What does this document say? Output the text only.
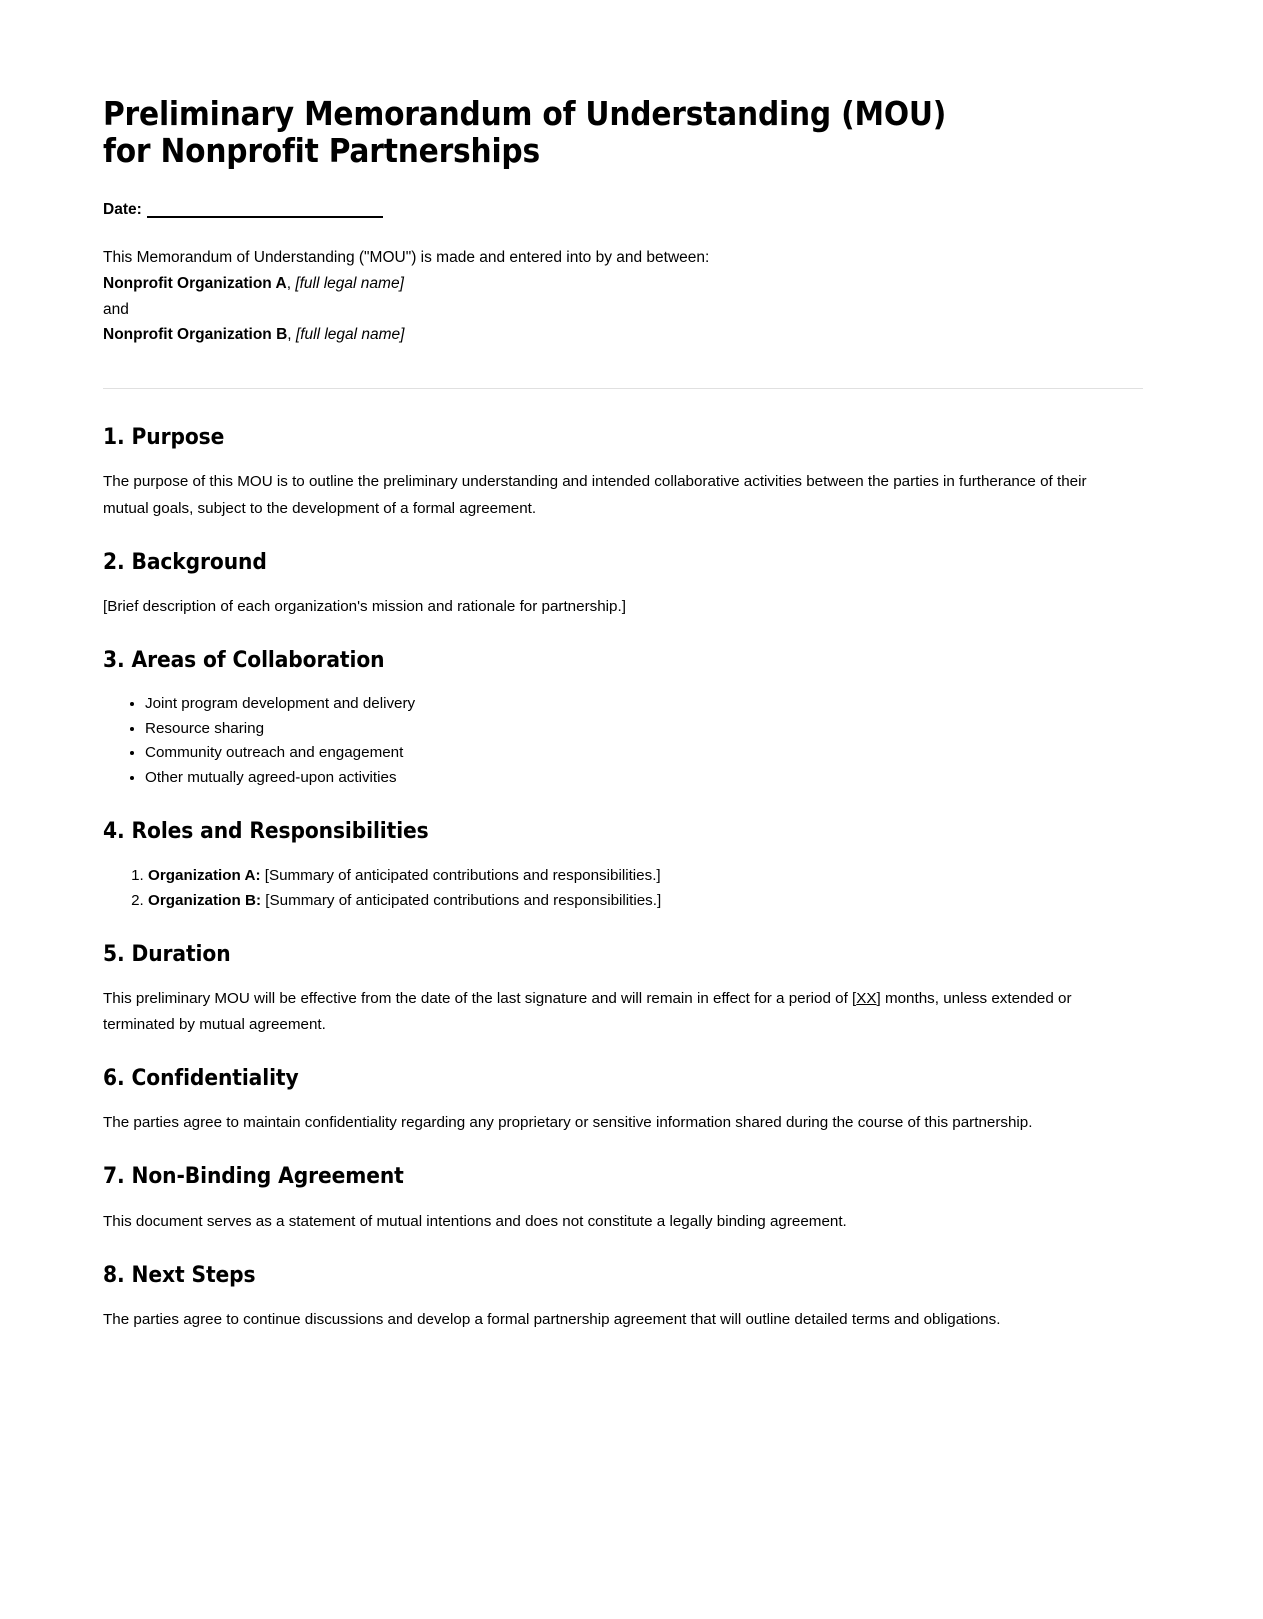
Preliminary Memorandum of Understanding (MOU)
for Nonprofit Partnerships
Date:

This Memorandum of Understanding ("MOU") is made and entered into by and between:

Nonprofit Organization A, [full legal name]

and

Nonprofit Organization B, [full legal name]

1. Purpose

The purpose of this MOU is to outline the preliminary understanding and intended collaborative activities between the parties in furtherance of their mutual goals, subject to the development of a formal agreement.

2. Background

[Brief description of each organization's mission and rationale for partnership.]

3. Areas of Collaboration
• Joint program development and delivery
• Resource sharing
• Community outreach and engagement
• Other mutually agreed-upon activities
4. Roles and Responsibilities
1. Organization A: [Summary of anticipated contributions and responsibilities.]
2. Organization B: [Summary of anticipated contributions and responsibilities.]
5. Duration

This preliminary MOU will be effective from the date of the last signature and will remain in effect for a period of [XX] months, unless extended or terminated by mutual agreement.

6. Confidentiality

The parties agree to maintain confidentiality regarding any proprietary or sensitive information shared during the course of this partnership.

7. Non-Binding Agreement

This document serves as a statement of mutual intentions and does not constitute a legally binding agreement.

8. Next Steps

The parties agree to continue discussions and develop a formal partnership agreement that will outline detailed terms and obligations.
